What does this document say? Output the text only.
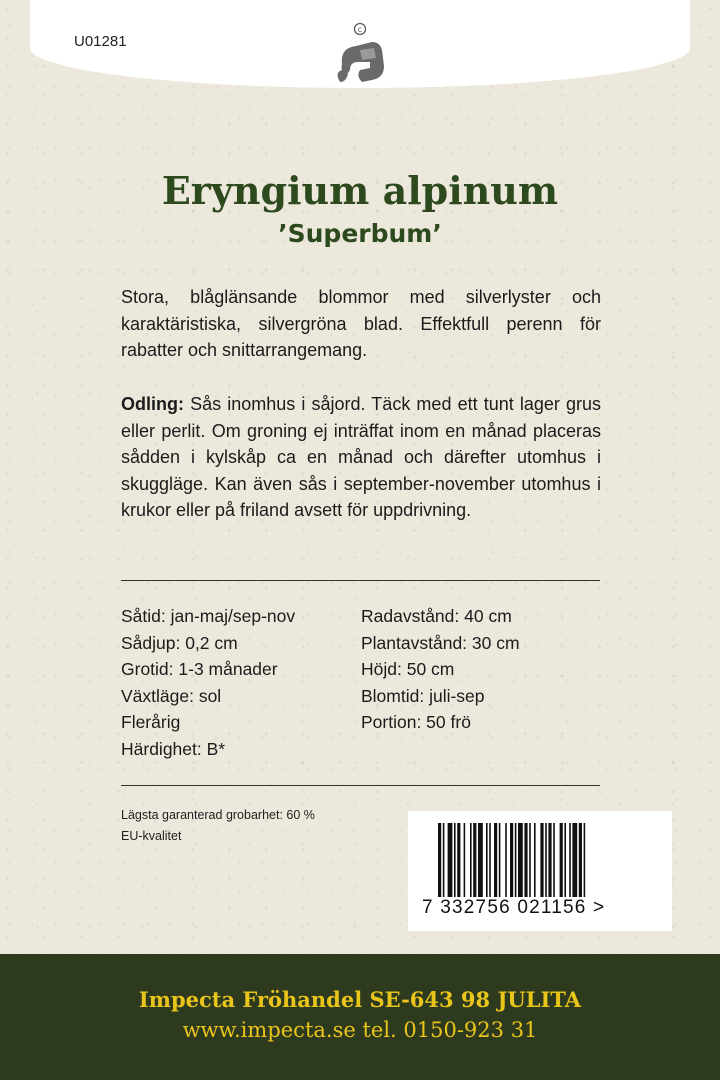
U01281
c
Eryngium alpinum
’Superbum’
Stora, blåglänsande blommor med silverlyster och karaktäristiska, silvergröna blad. Effektfull perenn för rabatter och snittarrangemang.
Odling: Sås inomhus i såjord. Täck med ett tunt lager grus eller perlit. Om groning ej inträffat inom en månad placeras sådden i kylskåp ca en månad och därefter utomhus i skuggläge. Kan även sås i september-november utomhus i krukor eller på friland avsett för uppdrivning.
Såtid: jan-maj/sep-nov
Sådjup: 0,2 cm
Grotid: 1-3 månader
Växtläge: sol
Flerårig
Härdighet: B*
Radavstånd: 40 cm
Plantavstånd: 30 cm
Höjd: 50 cm
Blomtid: juli-sep
Portion: 50 frö
Lägsta garanterad grobarhet: 60 %
EU-kvalitet
7 332756 021156 >
Impecta Fröhandel SE-643 98 JULITA
www.impecta.se tel. 0150-923 31
